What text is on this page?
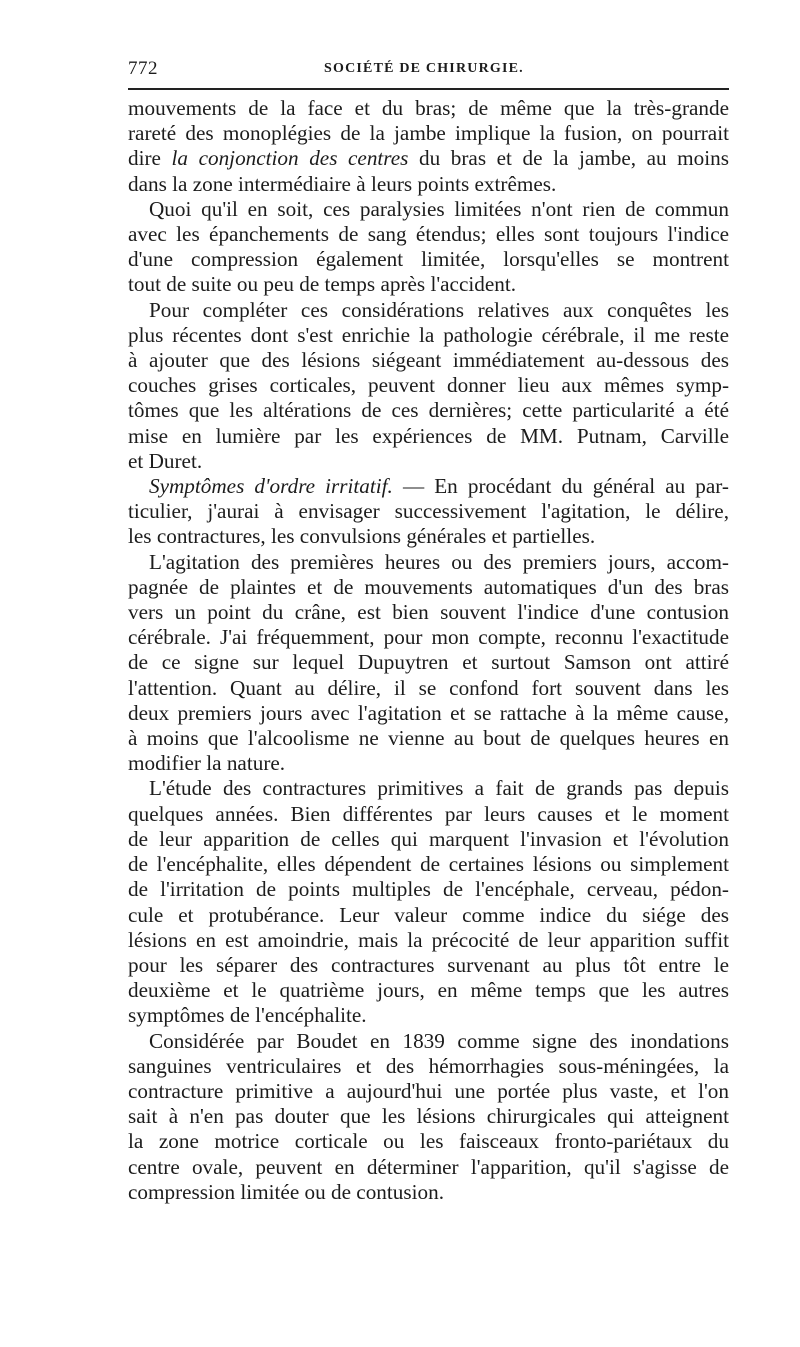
772	SOCIÉTÉ DE CHIRURGIE.
mouvements de la face et du bras; de même que la très-grande
rareté des monoplégies de la jambe implique la fusion, on pourrait
dire la conjonction des centres du bras et de la jambe, au moins
dans la zone intermédiaire à leurs points extrêmes.
Quoi qu'il en soit, ces paralysies limitées n'ont rien de commun
avec les épanchements de sang étendus; elles sont toujours l'indice
d'une compression également limitée, lorsqu'elles se montrent
tout de suite ou peu de temps après l'accident.
Pour compléter ces considérations relatives aux conquêtes les
plus récentes dont s'est enrichie la pathologie cérébrale, il me reste
à ajouter que des lésions siégeant immédiatement au-dessous des
couches grises corticales, peuvent donner lieu aux mêmes symp-
tômes que les altérations de ces dernières; cette particularité a été
mise en lumière par les expériences de MM. Putnam, Carville
et Duret.
Symptômes d'ordre irritatif. — En procédant du général au par-
ticulier, j'aurai à envisager successivement l'agitation, le délire,
les contractures, les convulsions générales et partielles.
L'agitation des premières heures ou des premiers jours, accom-
pagnée de plaintes et de mouvements automatiques d'un des bras
vers un point du crâne, est bien souvent l'indice d'une contusion
cérébrale. J'ai fréquemment, pour mon compte, reconnu l'exactitude
de ce signe sur lequel Dupuytren et surtout Samson ont attiré
l'attention. Quant au délire, il se confond fort souvent dans les
deux premiers jours avec l'agitation et se rattache à la même cause,
à moins que l'alcoolisme ne vienne au bout de quelques heures en
modifier la nature.
L'étude des contractures primitives a fait de grands pas depuis
quelques années. Bien différentes par leurs causes et le moment
de leur apparition de celles qui marquent l'invasion et l'évolution
de l'encéphalite, elles dépendent de certaines lésions ou simplement
de l'irritation de points multiples de l'encéphale, cerveau, pédon-
cule et protubérance. Leur valeur comme indice du siége des
lésions en est amoindrie, mais la précocité de leur apparition suffit
pour les séparer des contractures survenant au plus tôt entre le
deuxième et le quatrième jours, en même temps que les autres
symptômes de l'encéphalite.
Considérée par Boudet en 1839 comme signe des inondations
sanguines ventriculaires et des hémorrhagies sous-méningées, la
contracture primitive a aujourd'hui une portée plus vaste, et l'on
sait à n'en pas douter que les lésions chirurgicales qui atteignent
la zone motrice corticale ou les faisceaux fronto-pariétaux du
centre ovale, peuvent en déterminer l'apparition, qu'il s'agisse de
compression limitée ou de contusion.
